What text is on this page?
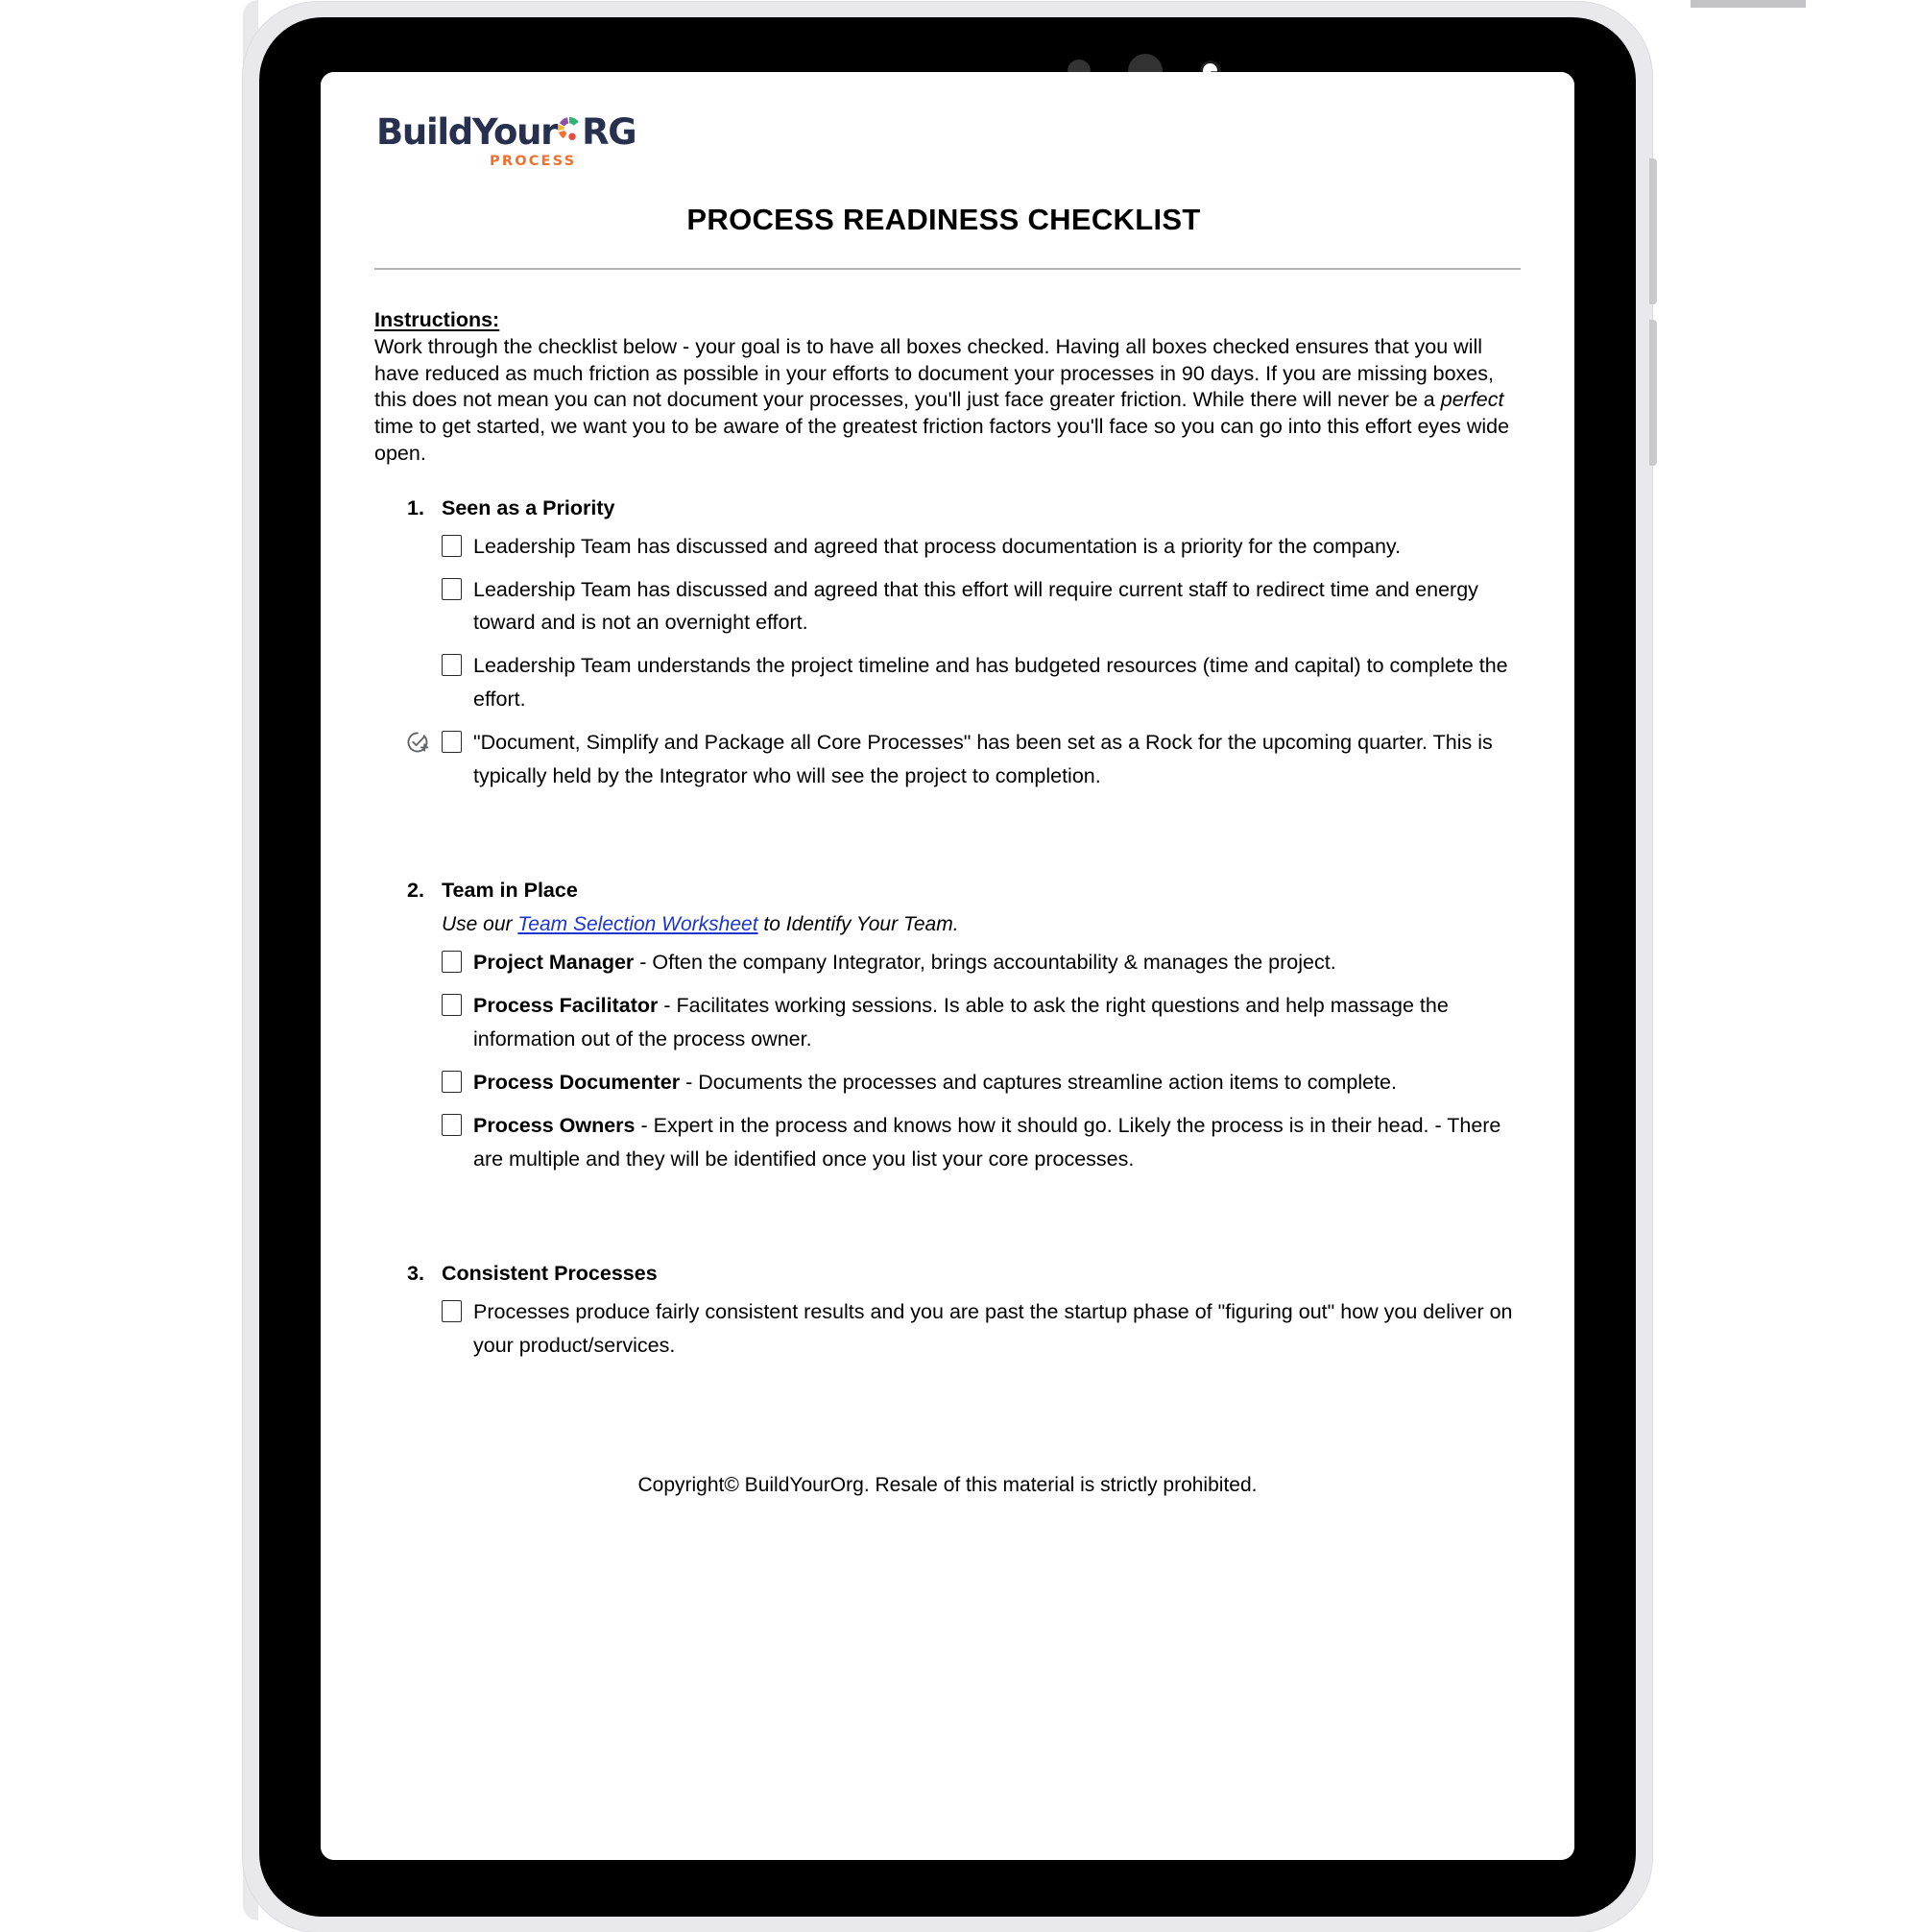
BuildYour RG
PROCESS
PROCESS READINESS CHECKLIST
Instructions:

Work through the checklist below - your goal is to have all boxes checked. Having all boxes checked ensures that you will have reduced as much friction as possible in your efforts to document your processes in 90 days. If you are missing boxes, this does not mean you can not document your processes, you'll just face greater friction. While there will never be a perfect time to get started, we want you to be aware of the greatest friction factors you'll face so you can go into this effort eyes wide open.

1. Seen as a Priority
Leadership Team has discussed and agreed that process documentation is a priority for the company.
Leadership Team has discussed and agreed that this effort will require current staff to redirect time and energy toward and is not an overnight effort.
Leadership Team understands the project timeline and has budgeted resources (time and capital) to complete the effort.
"Document, Simplify and Package all Core Processes" has been set as a Rock for the upcoming quarter. This is typically held by the Integrator who will see the project to completion.
2. Team in Place
Use our Team Selection Worksheet to Identify Your Team.
Project Manager - Often the company Integrator, brings accountability & manages the project.
Process Facilitator - Facilitates working sessions. Is able to ask the right questions and help massage the information out of the process owner.
Process Documenter - Documents the processes and captures streamline action items to complete.
Process Owners - Expert in the process and knows how it should go. Likely the process is in their head. - There are multiple and they will be identified once you list your core processes.
3. Consistent Processes
Processes produce fairly consistent results and you are past the startup phase of "figuring out" how you deliver on your product/services.
Copyright© BuildYourOrg. Resale of this material is strictly prohibited.
